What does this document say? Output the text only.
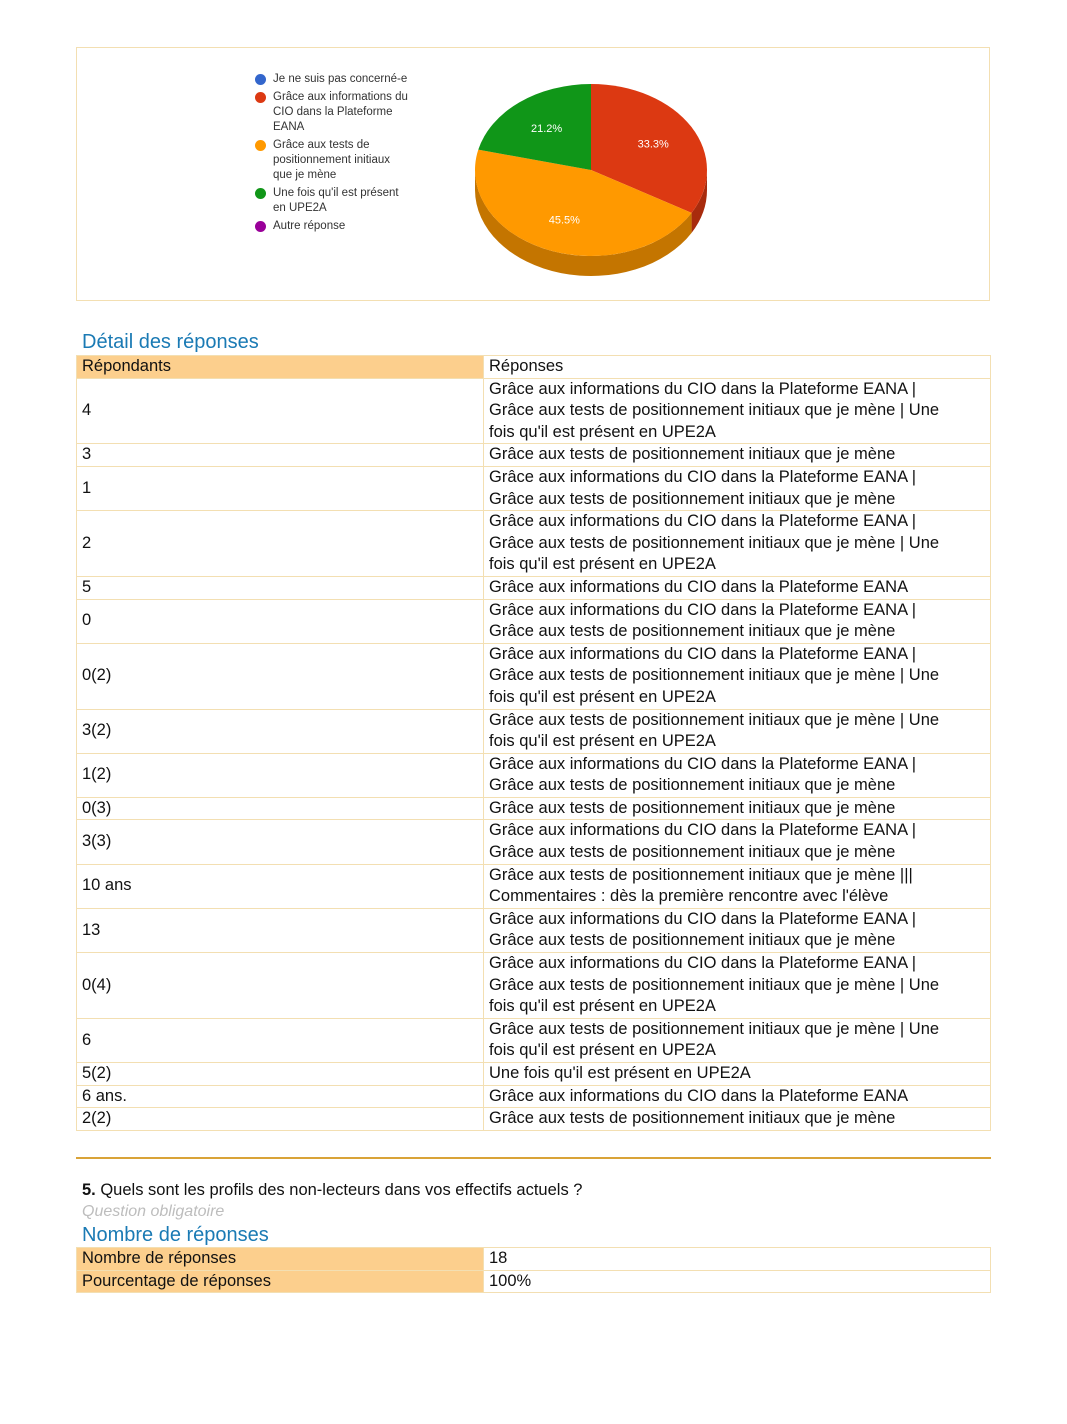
Je ne suis pas concerné-e
Grâce aux informations du
CIO dans la Plateforme
EANA
Grâce aux tests de
positionnement initiaux
que je mène
Une fois qu'il est présent
en UPE2A
Autre réponse
33.3%
45.5%
21.2%
Détail des réponses
Répondants	Réponses
4	Grâce aux informations du CIO dans la Plateforme EANA |
Grâce aux tests de positionnement initiaux que je mène | Une
fois qu'il est présent en UPE2A

3	Grâce aux tests de positionnement initiaux que je mène

1	Grâce aux informations du CIO dans la Plateforme EANA |
Grâce aux tests de positionnement initiaux que je mène

2	Grâce aux informations du CIO dans la Plateforme EANA |
Grâce aux tests de positionnement initiaux que je mène | Une
fois qu'il est présent en UPE2A

5	Grâce aux informations du CIO dans la Plateforme EANA

0	Grâce aux informations du CIO dans la Plateforme EANA |
Grâce aux tests de positionnement initiaux que je mène

0(2)	Grâce aux informations du CIO dans la Plateforme EANA |
Grâce aux tests de positionnement initiaux que je mène | Une
fois qu'il est présent en UPE2A

3(2)	Grâce aux tests de positionnement initiaux que je mène | Une
fois qu'il est présent en UPE2A

1(2)	Grâce aux informations du CIO dans la Plateforme EANA |
Grâce aux tests de positionnement initiaux que je mène

0(3)	Grâce aux tests de positionnement initiaux que je mène

3(3)	Grâce aux informations du CIO dans la Plateforme EANA |
Grâce aux tests de positionnement initiaux que je mène

10 ans	Grâce aux tests de positionnement initiaux que je mène |||
Commentaires : dès la première rencontre avec l'élève

13	Grâce aux informations du CIO dans la Plateforme EANA |
Grâce aux tests de positionnement initiaux que je mène

0(4)	Grâce aux informations du CIO dans la Plateforme EANA |
Grâce aux tests de positionnement initiaux que je mène | Une
fois qu'il est présent en UPE2A

6	Grâce aux tests de positionnement initiaux que je mène | Une
fois qu'il est présent en UPE2A

5(2)	Une fois qu'il est présent en UPE2A

6 ans.	Grâce aux informations du CIO dans la Plateforme EANA

2(2)	Grâce aux tests de positionnement initiaux que je mène
5. Quels sont les profils des non-lecteurs dans vos effectifs actuels ?
Question obligatoire
Nombre de réponses
Nombre de réponses	18
Pourcentage de réponses	100%
